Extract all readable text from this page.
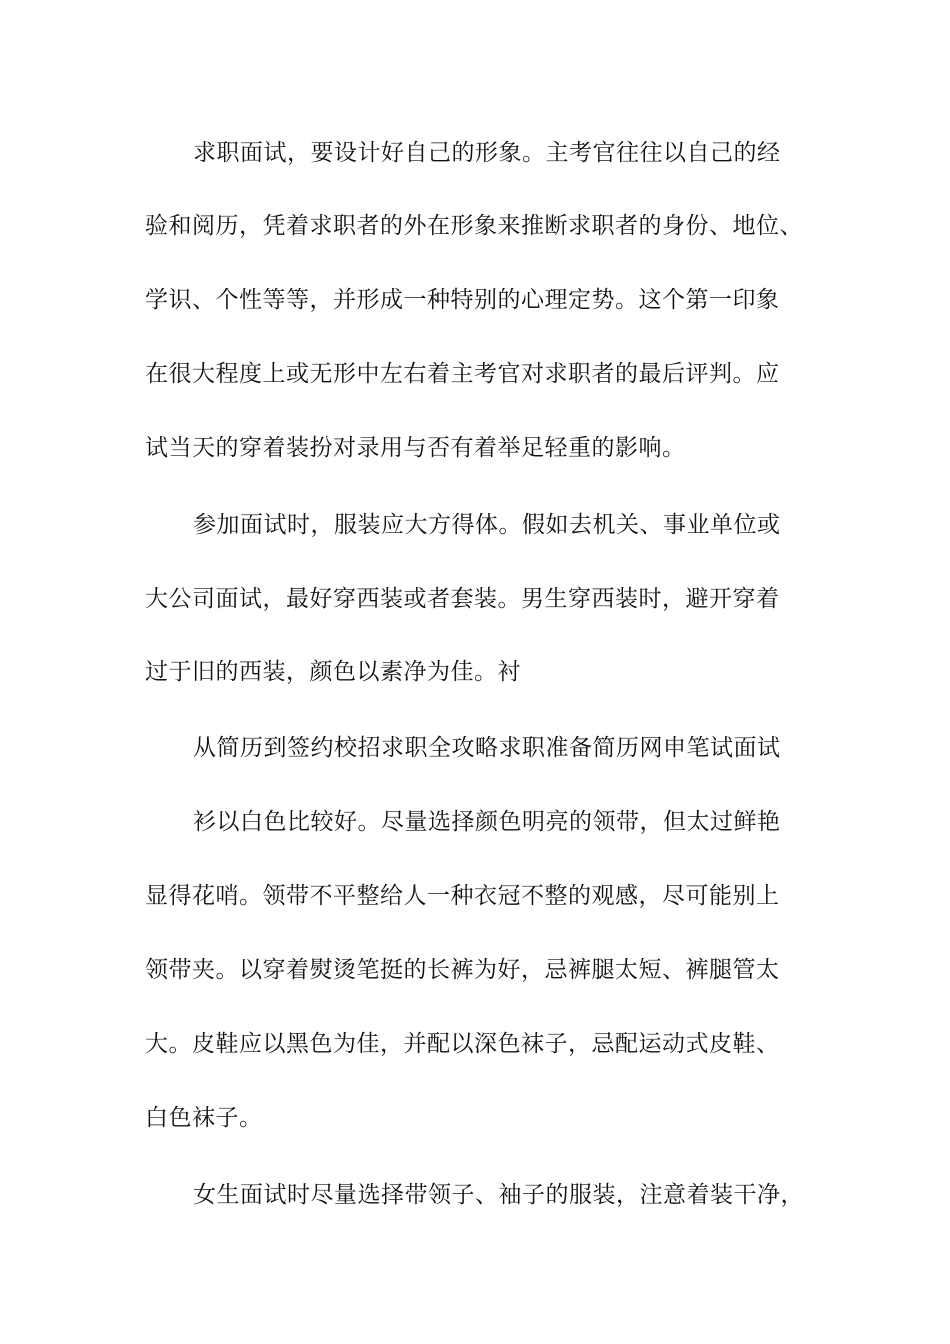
求职面试，要设计好自己的形象。主考官往往以自己的经

验和阅历，凭着求职者的外在形象来推断求职者的身份、地位、

学识、个性等等，并形成一种特别的心理定势。这个第一印象

在很大程度上或无形中左右着主考官对求职者的最后评判。应

试当天的穿着装扮对录用与否有着举足轻重的影响。

参加面试时，服装应大方得体。假如去机关、事业单位或

大公司面试，最好穿西装或者套装。男生穿西装时，避开穿着

过于旧的西装，颜色以素净为佳。衬

从简历到签约校招求职全攻略求职准备简历网申笔试面试

衫以白色比较好。尽量选择颜色明亮的领带，但太过鲜艳

显得花哨。领带不平整给人一种衣冠不整的观感，尽可能别上

领带夹。以穿着熨烫笔挺的长裤为好，忌裤腿太短、裤腿管太

大。皮鞋应以黑色为佳，并配以深色袜子，忌配运动式皮鞋、

白色袜子。

女生面试时尽量选择带领子、袖子的服装，注意着装干净，
